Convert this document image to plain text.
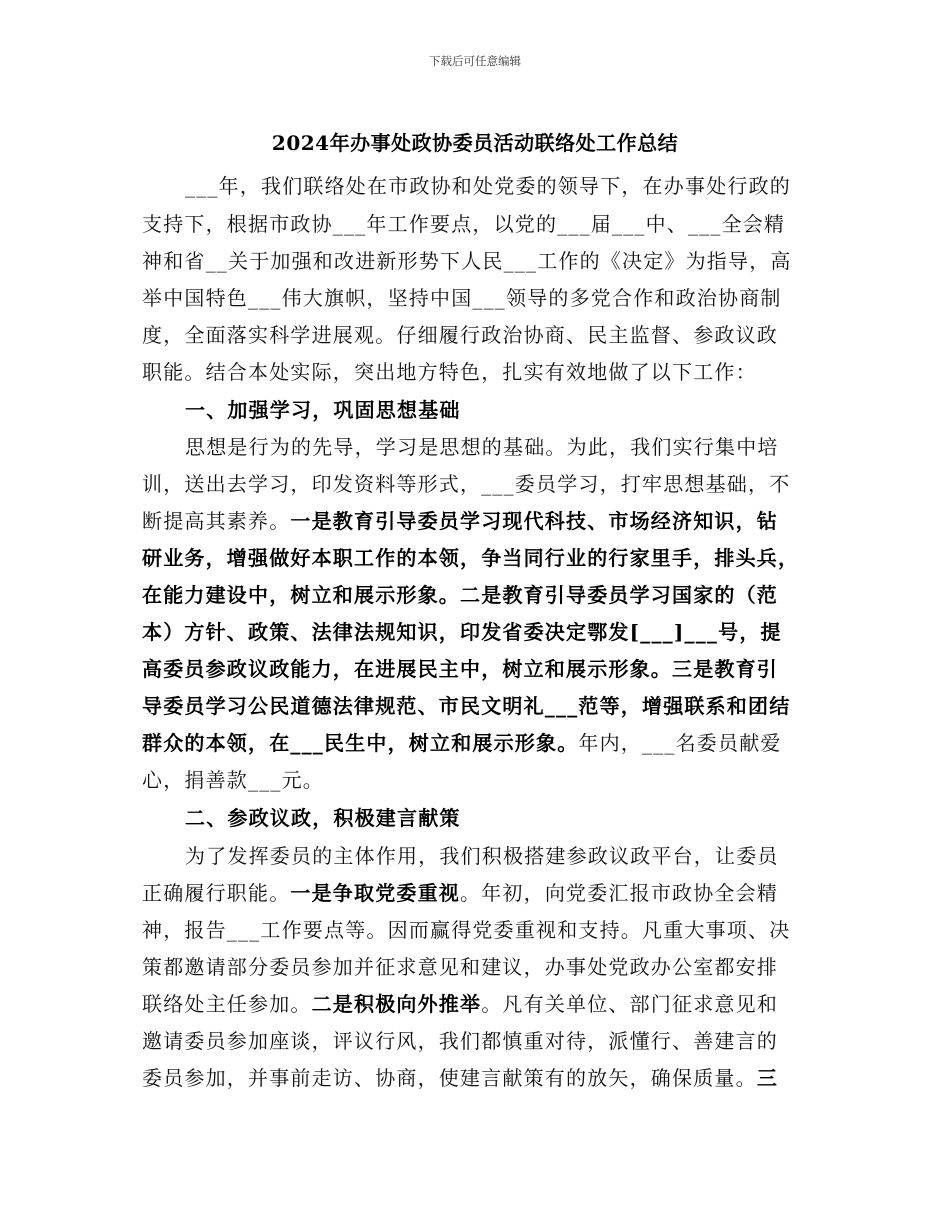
下载后可任意编辑
2024年办事处政协委员活动联络处工作总结
___年，我们联络处在市政协和处党委的领导下，在办事处行政的
支持下，根据市政协___年工作要点，以党的___届___中、___全会精
神和省__关于加强和改进新形势下人民___工作的《决定》为指导，高
举中国特色___伟大旗帜，坚持中国___领导的多党合作和政治协商制
度，全面落实科学进展观。仔细履行政治协商、民主监督、参政议政
职能。结合本处实际，突出地方特色，扎实有效地做了以下工作：
一、加强学习，巩固思想基础
思想是行为的先导，学习是思想的基础。为此，我们实行集中培
训，送出去学习，印发资料等形式，___委员学习，打牢思想基础，不
断提高其素养。一是教育引导委员学习现代科技、市场经济知识，钻
研业务，增强做好本职工作的本领，争当同行业的行家里手，排头兵，
在能力建设中，树立和展示形象。二是教育引导委员学习国家的（范
本）方针、政策、法律法规知识，印发省委决定鄂发[___]___号，提
高委员参政议政能力，在进展民主中，树立和展示形象。三是教育引
导委员学习公民道德法律规范、市民文明礼___范等，增强联系和团结
群众的本领，在___民生中，树立和展示形象。年内，___名委员献爱
心，捐善款___元。
二、参政议政，积极建言献策
为了发挥委员的主体作用，我们积极搭建参政议政平台，让委员
正确履行职能。一是争取党委重视。年初，向党委汇报市政协全会精
神，报告___工作要点等。因而赢得党委重视和支持。凡重大事项、决
策都邀请部分委员参加并征求意见和建议，办事处党政办公室都安排
联络处主任参加。二是积极向外推举。凡有关单位、部门征求意见和
邀请委员参加座谈，评议行风，我们都慎重对待，派懂行、善建言的
委员参加，并事前走访、协商，使建言献策有的放矢，确保质量。三
